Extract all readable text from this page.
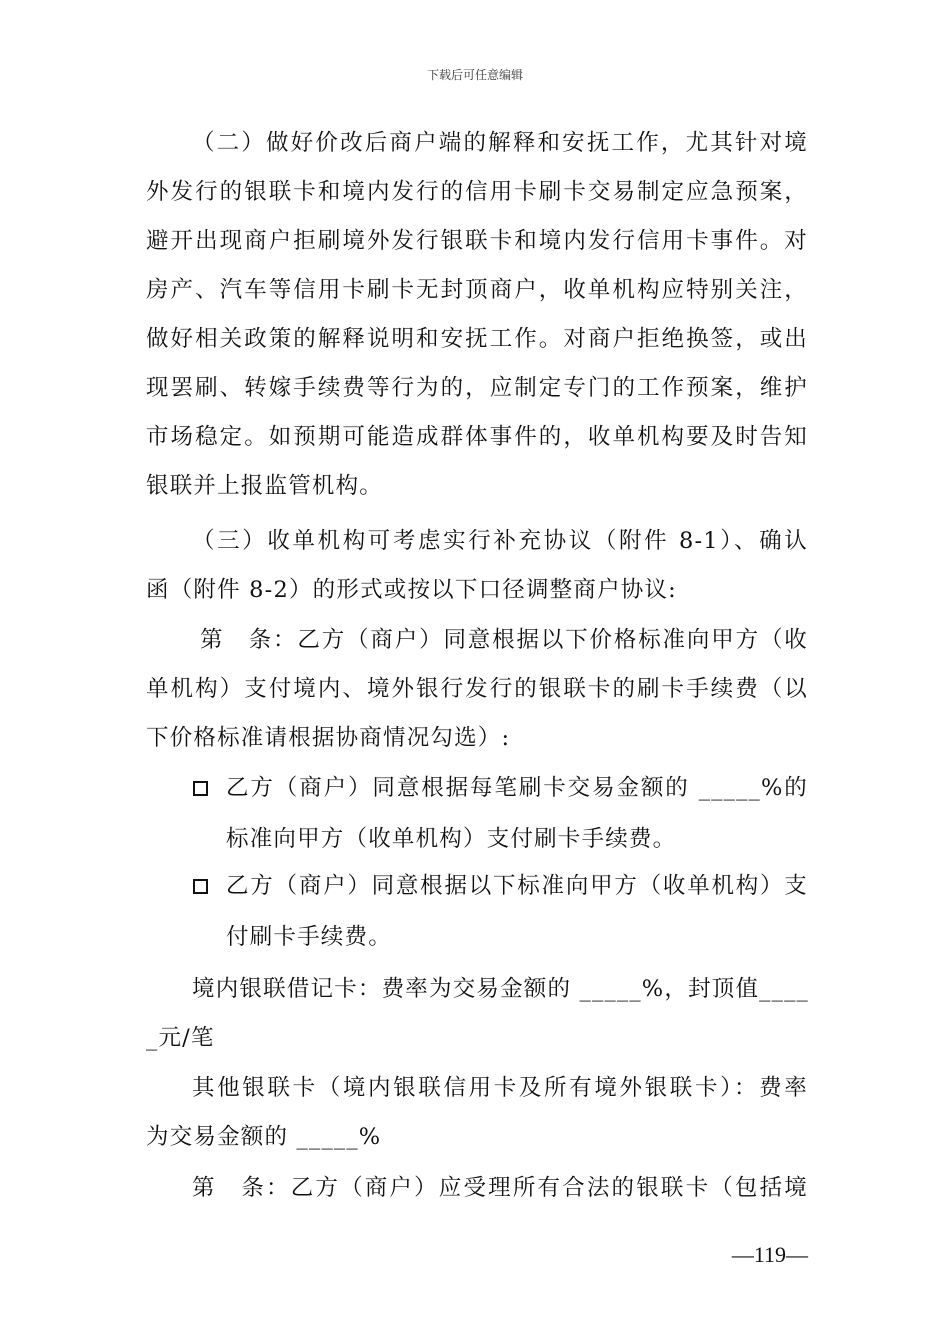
下载后可任意编辑
（二）做好价改后商户端的解释和安抚工作，尤其针对境
外发行的银联卡和境内发行的信用卡刷卡交易制定应急预案，
避开出现商户拒刷境外发行银联卡和境内发行信用卡事件。对
房产、汽车等信用卡刷卡无封顶商户，收单机构应特别关注，
做好相关政策的解释说明和安抚工作。对商户拒绝换签，或出
现罢刷、转嫁手续费等行为的，应制定专门的工作预案，维护
市场稳定。如预期可能造成群体事件的，收单机构要及时告知
银联并上报监管机构。
（三）收单机构可考虑实行补充协议（附件 8-1）、确认
函（附件 8-2）的形式或按以下口径调整商户协议:
第　条：乙方（商户）同意根据以下价格标准向甲方（收
单机构）支付境内、境外银行发行的银联卡的刷卡手续费（以
下价格标准请根据协商情况勾选）:
乙方（商户）同意根据每笔刷卡交易金额的 _____%的
标准向甲方（收单机构）支付刷卡手续费。
乙方（商户）同意根据以下标准向甲方（收单机构）支
付刷卡手续费。
境内银联借记卡：费率为交易金额的 _____%，封顶值____
_元/笔
其他银联卡（境内银联信用卡及所有境外银联卡）：费率
为交易金额的 _____%
第　条：乙方（商户）应受理所有合法的银联卡（包括境
—119—
